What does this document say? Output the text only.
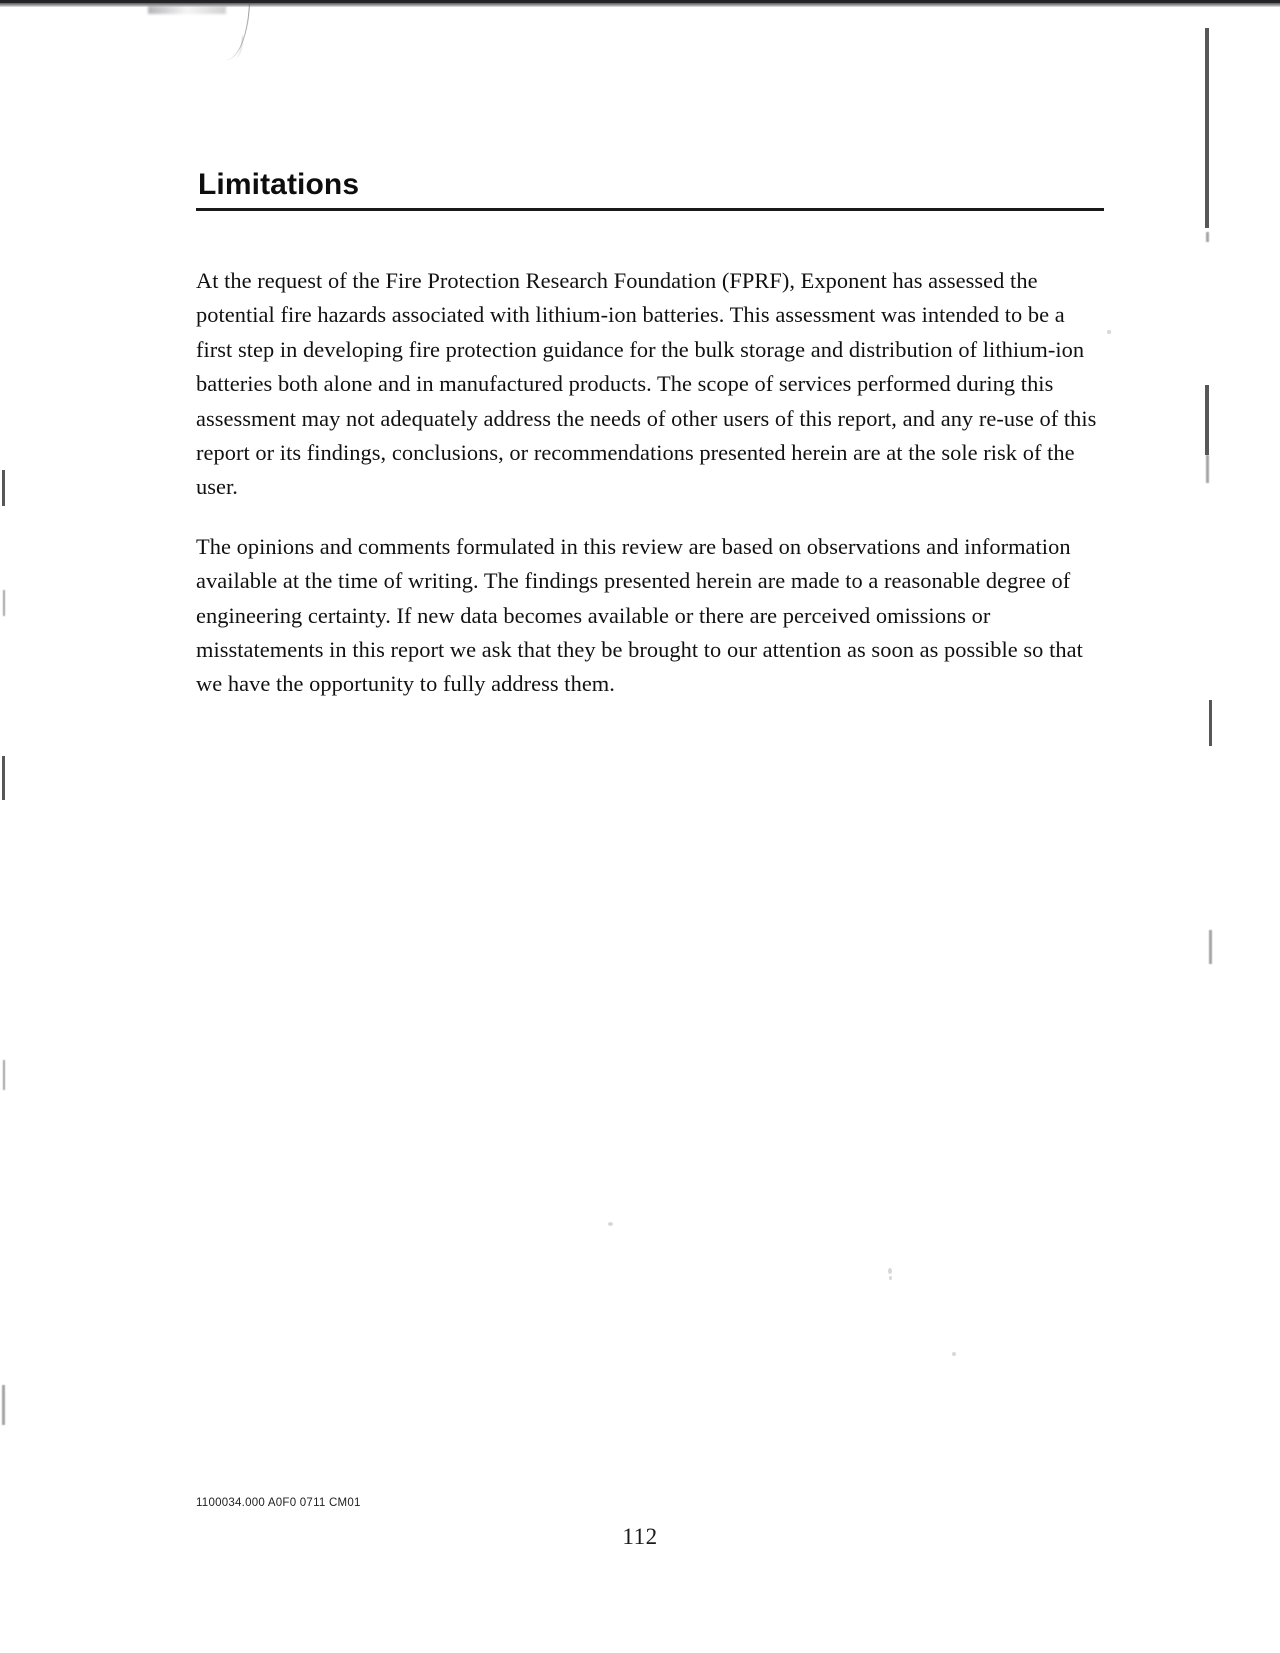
Limitations

At the request of the Fire Protection Research Foundation (FPRF), Exponent has assessed the potential fire hazards associated with lithium-ion batteries. This assessment was intended to be a first step in developing fire protection guidance for the bulk storage and distribution of lithium-ion batteries both alone and in manufactured products. The scope of services performed during this assessment may not adequately address the needs of other users of this report, and any re-use of this report or its findings, conclusions, or recommendations presented herein are at the sole risk of the user.

The opinions and comments formulated in this review are based on observations and information available at the time of writing. The findings presented herein are made to a reasonable degree of engineering certainty. If new data becomes available or there are perceived omissions or misstatements in this report we ask that they be brought to our attention as soon as possible so that we have the opportunity to fully address them.

1100034.000 A0F0 0711 CM01
112
